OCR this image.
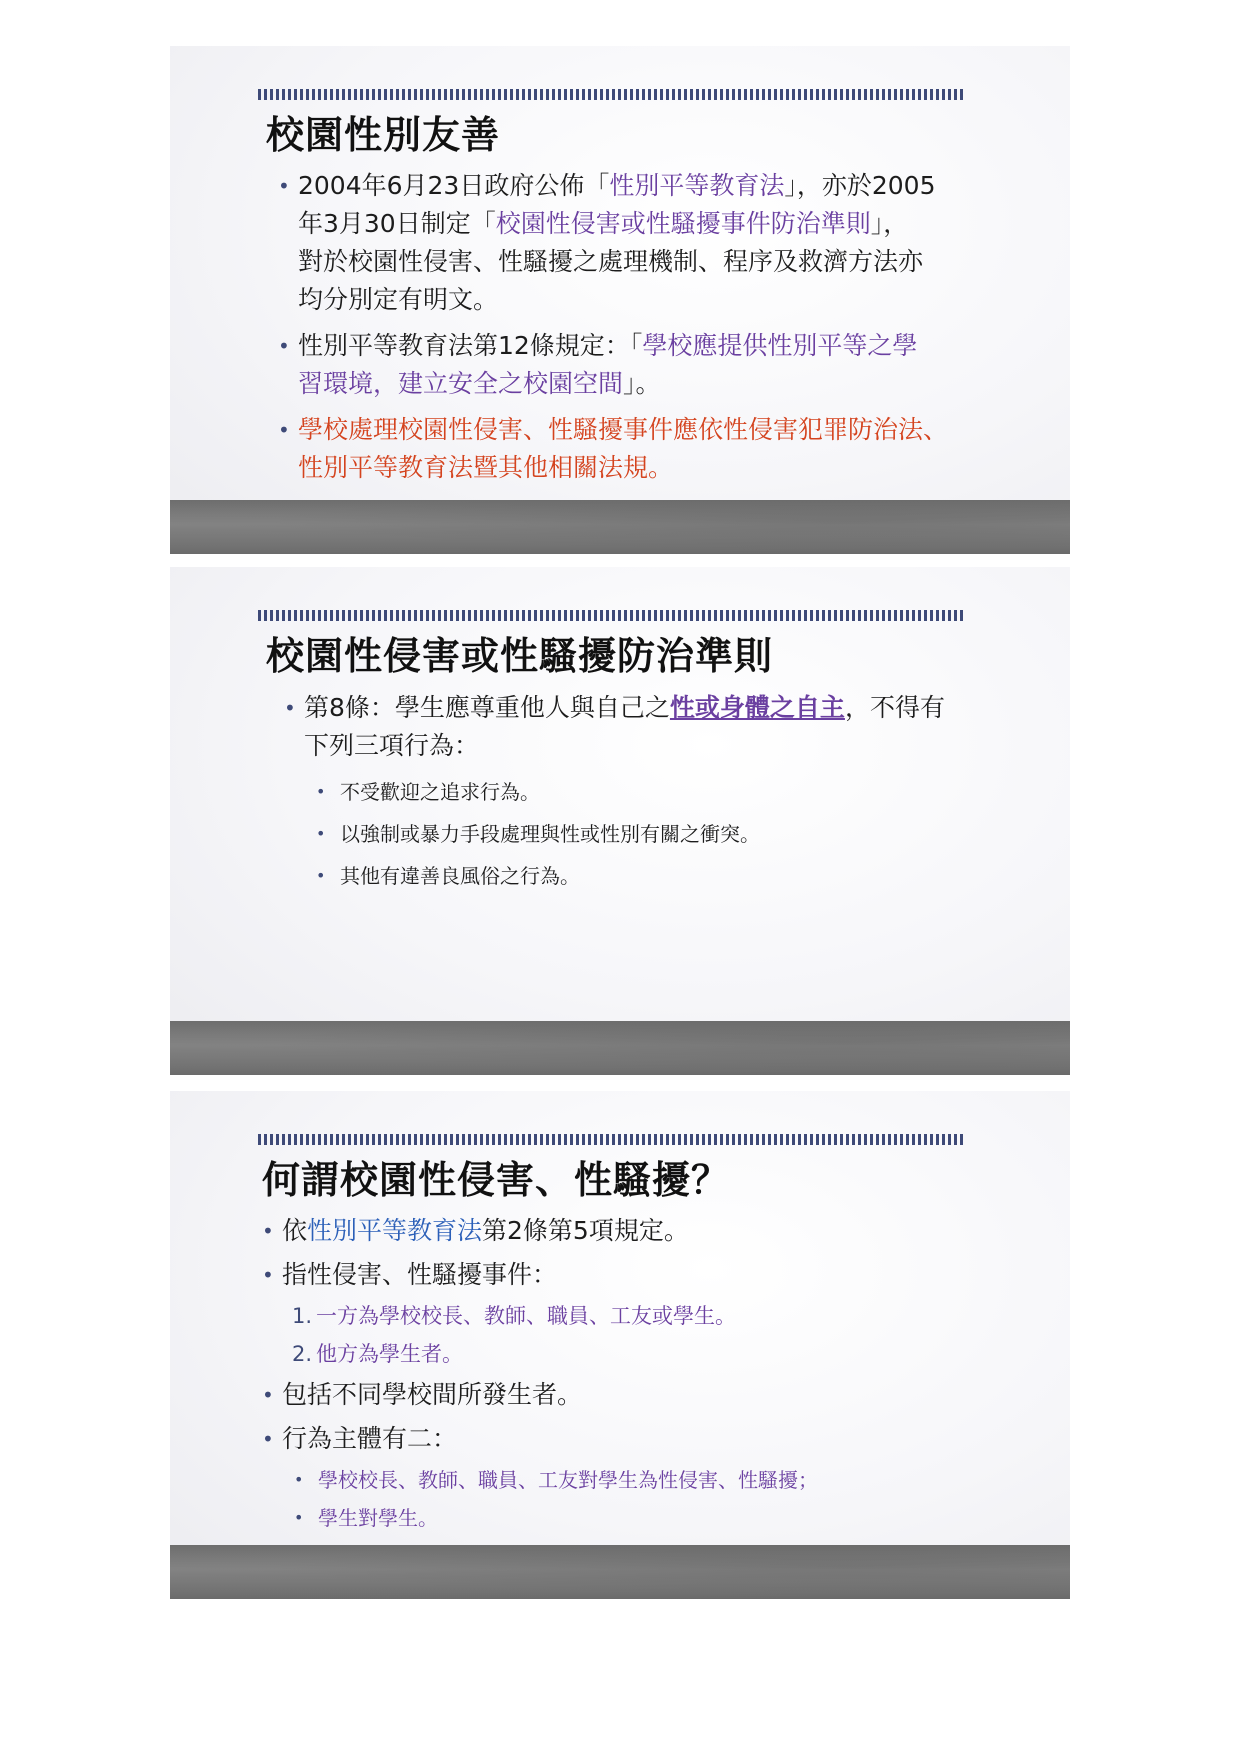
校園性別友善
• 2004年6月23日政府公佈「性別平等教育法」，亦於2005
年3月30日制定「校園性侵害或性騷擾事件防治準則」，
對於校園性侵害、性騷擾之處理機制、程序及救濟方法亦
均分別定有明文。
• 性別平等教育法第12條規定：「學校應提供性別平等之學
習環境，建立安全之校園空間」。
• 學校處理校園性侵害、性騷擾事件應依性侵害犯罪防治法、
性別平等教育法暨其他相關法規。
校園性侵害或性騷擾防治準則
• 第8條：學生應尊重他人與自己之性或身體之自主，不得有
下列三項行為：
• 不受歡迎之追求行為。
• 以強制或暴力手段處理與性或性別有關之衝突。
• 其他有違善良風俗之行為。
何謂校園性侵害、性騷擾？
• 依性別平等教育法第2條第5項規定。
• 指性侵害、性騷擾事件：
1. 一方為學校校長、教師、職員、工友或學生。
2. 他方為學生者。
• 包括不同學校間所發生者。
• 行為主體有二：
• 學校校長、教師、職員、工友對學生為性侵害、性騷擾；
• 學生對學生。
